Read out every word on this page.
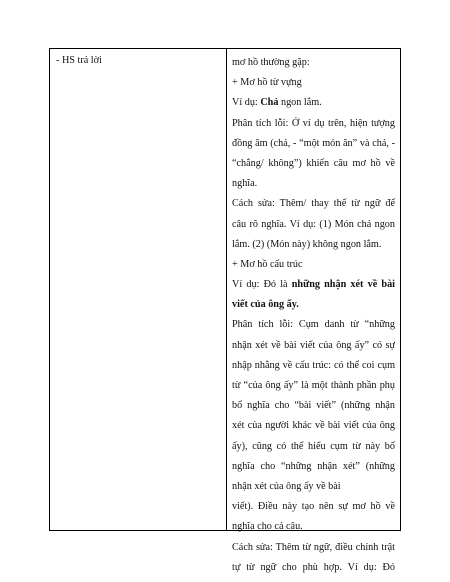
- HS trả lời	mơ hồ thường gặp:
+ Mơ hồ từ vựng
Ví dụ: Chả ngon lắm.
Phân tích lỗi: Ở ví dụ trên, hiện tượng
đồng âm (chả, - “một món ăn” và chả, -
“chẳng/ không”) khiến câu mơ hồ về
nghĩa.
Cách sửa: Thêm/ thay thế từ ngữ để
câu rõ nghĩa. Ví dụ: (1) Món chả ngon
lắm. (2) (Món này) không ngon lắm.
+ Mơ hồ cấu trúc
Ví dụ: Đó là những nhận xét về bài
viết của ông ấy.
Phân tích lỗi: Cụm danh từ “những
nhận xét về bài viết của ông ấy” có sự
nhập nhằng về cấu trúc: có thể coi cụm
từ “của ông ấy” là một thành phần phụ
bổ nghĩa cho “bài viết” (những nhận
xét của người khác về bài viết của ông
ấy), cũng có thể hiểu cụm từ này bổ
nghĩa cho “những nhận xét” (những
nhận xét của ông ấy về bài
viết). Điều này tạo nên sự mơ hồ về
nghĩa cho cả câu.
Cách sửa: Thêm từ ngữ, điều chỉnh trật
tự từ ngữ cho phù hợp. Ví dụ: Đó
